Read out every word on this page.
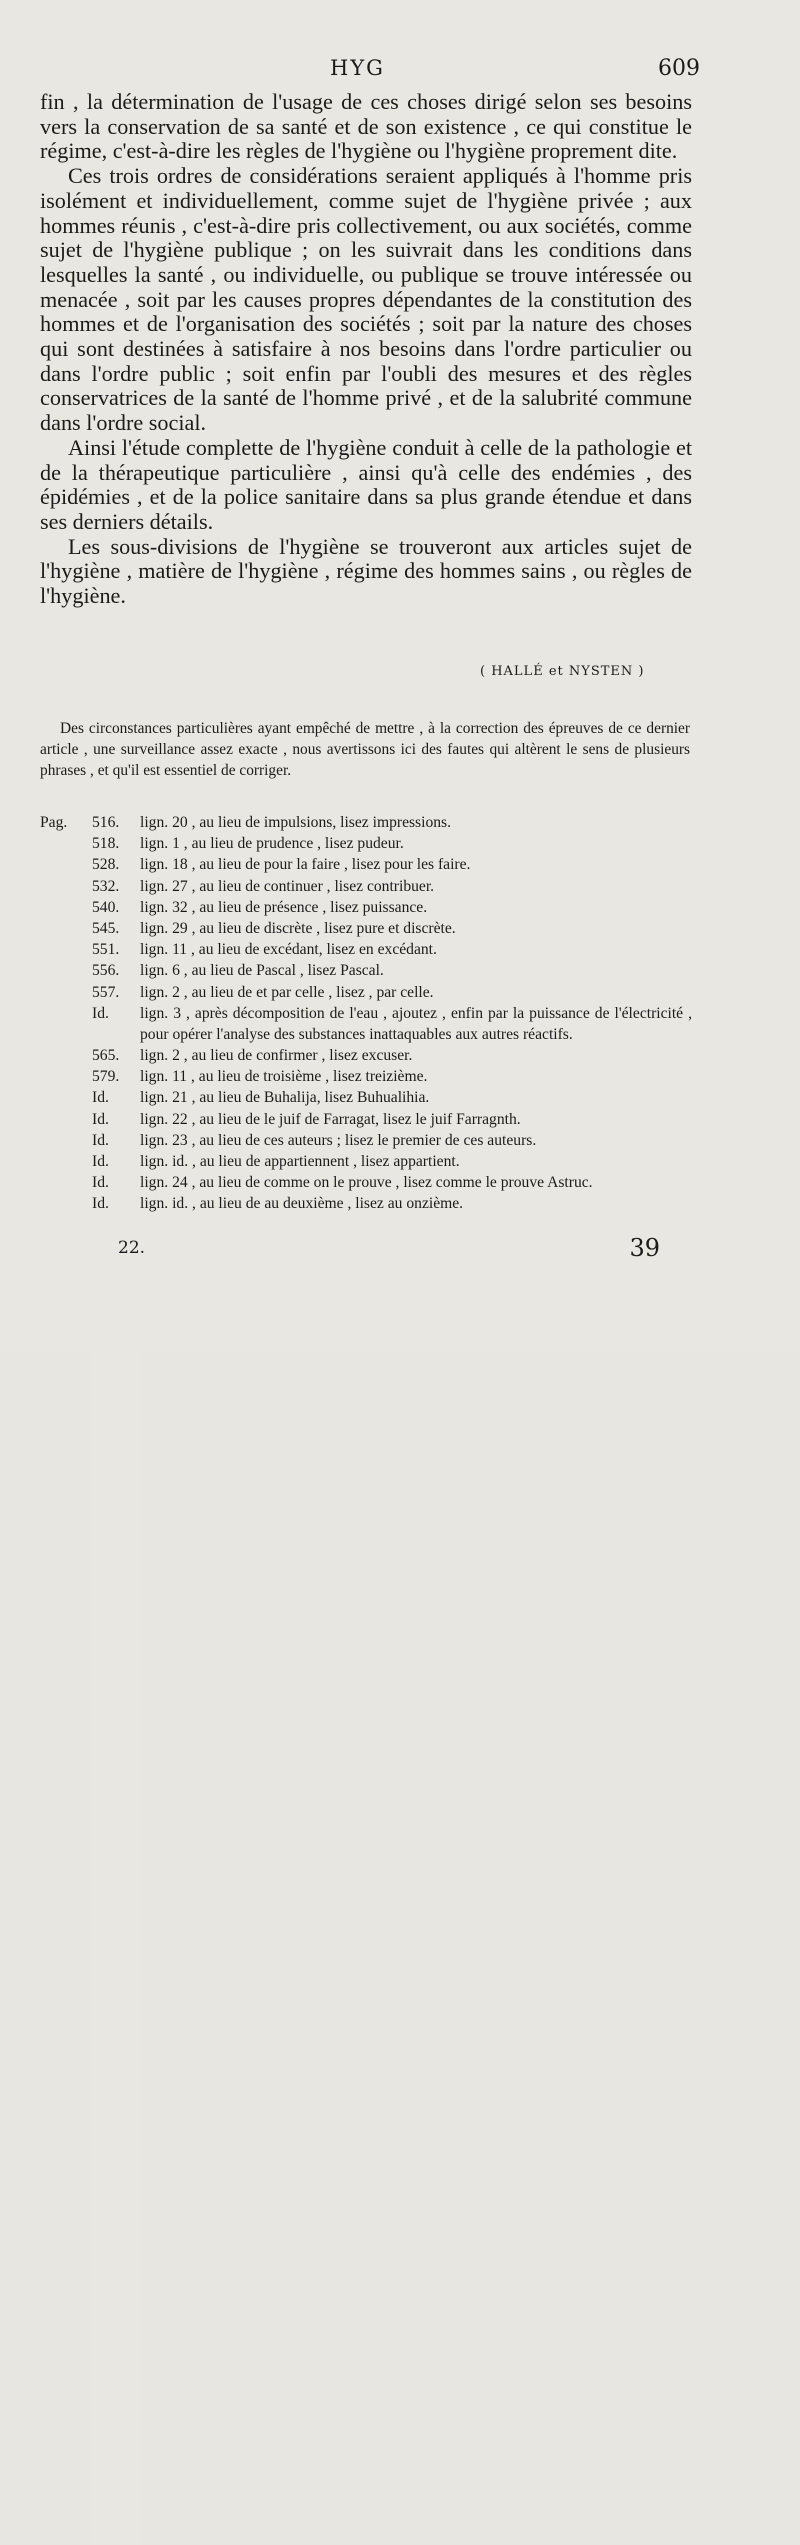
HYG	609

fin , la détermination de l'usage de ces choses dirigé selon ses besoins vers la conservation de sa santé et de son existence , ce qui constitue le régime, c'est-à-dire les règles de l'hygiène ou l'hygiène proprement dite.

Ces trois ordres de considérations seraient appliqués à l'homme pris isolément et individuellement, comme sujet de l'hygiène privée ; aux hommes réunis , c'est-à-dire pris collectivement, ou aux sociétés, comme sujet de l'hygiène publique ; on les suivrait dans les conditions dans lesquelles la santé , ou individuelle, ou publique se trouve intéressée ou menacée , soit par les causes propres dépendantes de la constitution des hommes et de l'organisation des sociétés ; soit par la nature des choses qui sont destinées à satisfaire à nos besoins dans l'ordre particulier ou dans l'ordre public ; soit enfin par l'oubli des mesures et des règles conservatrices de la santé de l'homme privé , et de la salubrité commune dans l'ordre social.

Ainsi l'étude complette de l'hygiène conduit à celle de la pathologie et de la thérapeutique particulière , ainsi qu'à celle des endémies , des épidémies , et de la police sanitaire dans sa plus grande étendue et dans ses derniers détails.

Les sous-divisions de l'hygiène se trouveront aux articles sujet de l'hygiène , matière de l'hygiène , régime des hommes sains , ou règles de l'hygiène.

( HALLÉ et NYSTEN )

Des circonstances particulières ayant empêché de mettre , à la correction des épreuves de ce dernier article , une surveillance assez exacte , nous avertissons ici des fautes qui altèrent le sens de plusieurs phrases , et qu'il est essentiel de corriger.

Pag.	516.	lign. 20 , au lieu de impulsions, lisez impressions.
518.	lign. 1 , au lieu de prudence , lisez pudeur.
528.	lign. 18 , au lieu de pour la faire , lisez pour les faire.
532.	lign. 27 , au lieu de continuer , lisez contribuer.
540.	lign. 32 , au lieu de présence , lisez puissance.
545.	lign. 29 , au lieu de discrète , lisez pure et discrète.
551.	lign. 11 , au lieu de excédant, lisez en excédant.
556.	lign. 6 , au lieu de Pascal , lisez Pascal.
557.	lign. 2 , au lieu de et par celle , lisez , par celle.
Id.	lign. 3 , après décomposition de l'eau , ajoutez , enfin par la puissance de l'électricité , pour opérer l'analyse des substances inattaquables aux autres réactifs.
565.	lign. 2 , au lieu de confirmer , lisez excuser.
579.	lign. 11 , au lieu de troisième , lisez treizième.
Id.	lign. 21 , au lieu de Buhalija, lisez Buhualihia.
Id.	lign. 22 , au lieu de le juif de Farragat, lisez le juif Farragnth.
Id.	lign. 23 , au lieu de ces auteurs ; lisez le premier de ces auteurs.
Id.	lign. id. , au lieu de appartiennent , lisez appartient.
Id.	lign. 24 , au lieu de comme on le prouve , lisez comme le prouve Astruc.
Id.	lign. id. , au lieu de au deuxième , lisez au onzième.
22.	39
